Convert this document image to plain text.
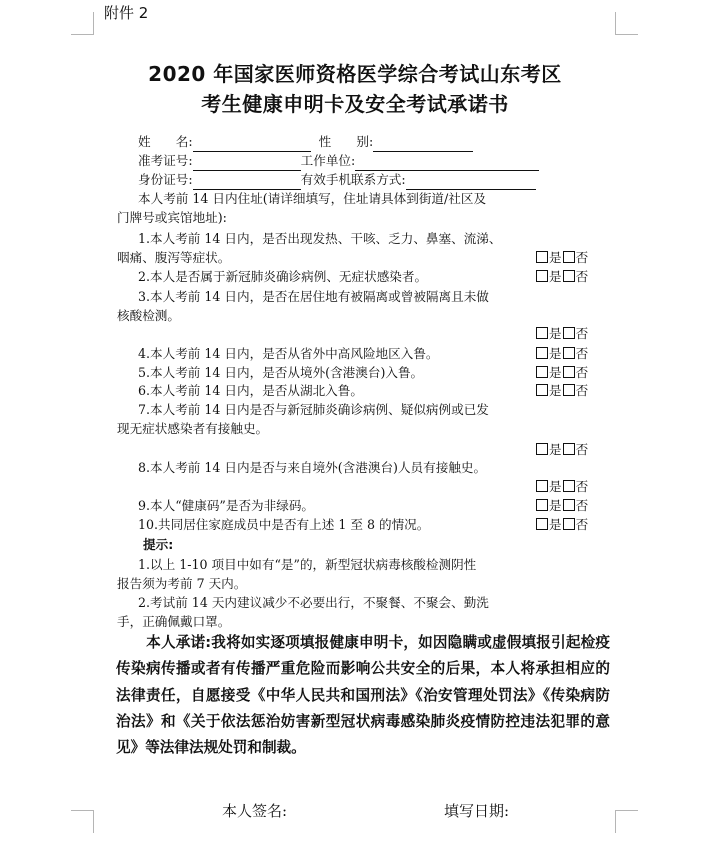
附件 2
2020 年国家医师资格医学综合考试山东考区
考生健康申明卡及安全考试承诺书
姓　　名:	性　　别:
准考证号:	工作单位:
身份证号:	有效手机联系方式:
本人考前 14 日内住址(请详细填写，住址请具体到街道/社区及
门牌号或宾馆地址):
1.本人考前 14 日内，是否出现发热、干咳、乏力、鼻塞、流涕、
咽痛、腹泻等症状。	是 否
2.本人是否属于新冠肺炎确诊病例、无症状感染者。	是 否
3.本人考前 14 日内，是否在居住地有被隔离或曾被隔离且未做
核酸检测。
是 否
4.本人考前 14 日内，是否从省外中高风险地区入鲁。	是 否
5.本人考前 14 日内，是否从境外(含港澳台)入鲁。	是 否
6.本人考前 14 日内，是否从湖北入鲁。	是 否
7.本人考前 14 日内是否与新冠肺炎确诊病例、疑似病例或已发
现无症状感染者有接触史。
是 否
8.本人考前 14 日内是否与来自境外(含港澳台)人员有接触史。
是 否
9.本人“健康码”是否为非绿码。	是 否
10.共同居住家庭成员中是否有上述 1 至 8 的情况。	是 否
提示:
1.以上 1-10 项目中如有“是”的，新型冠状病毒核酸检测阴性
报告须为考前 7 天内。
2.考试前 14 天内建议减少不必要出行，不聚餐、不聚会、勤洗
手，正确佩戴口罩。
本人承诺:我将如实逐项填报健康申明卡，如因隐瞒或虚假填报引起检疫传染病传播或者有传播严重危险而影响公共安全的后果，本人将承担相应的法律责任，自愿接受《中华人民共和国刑法》《治安管理处罚法》《传染病防治法》和《关于依法惩治妨害新型冠状病毒感染肺炎疫情防控违法犯罪的意见》等法律法规处罚和制裁。
本人签名:	填写日期:
